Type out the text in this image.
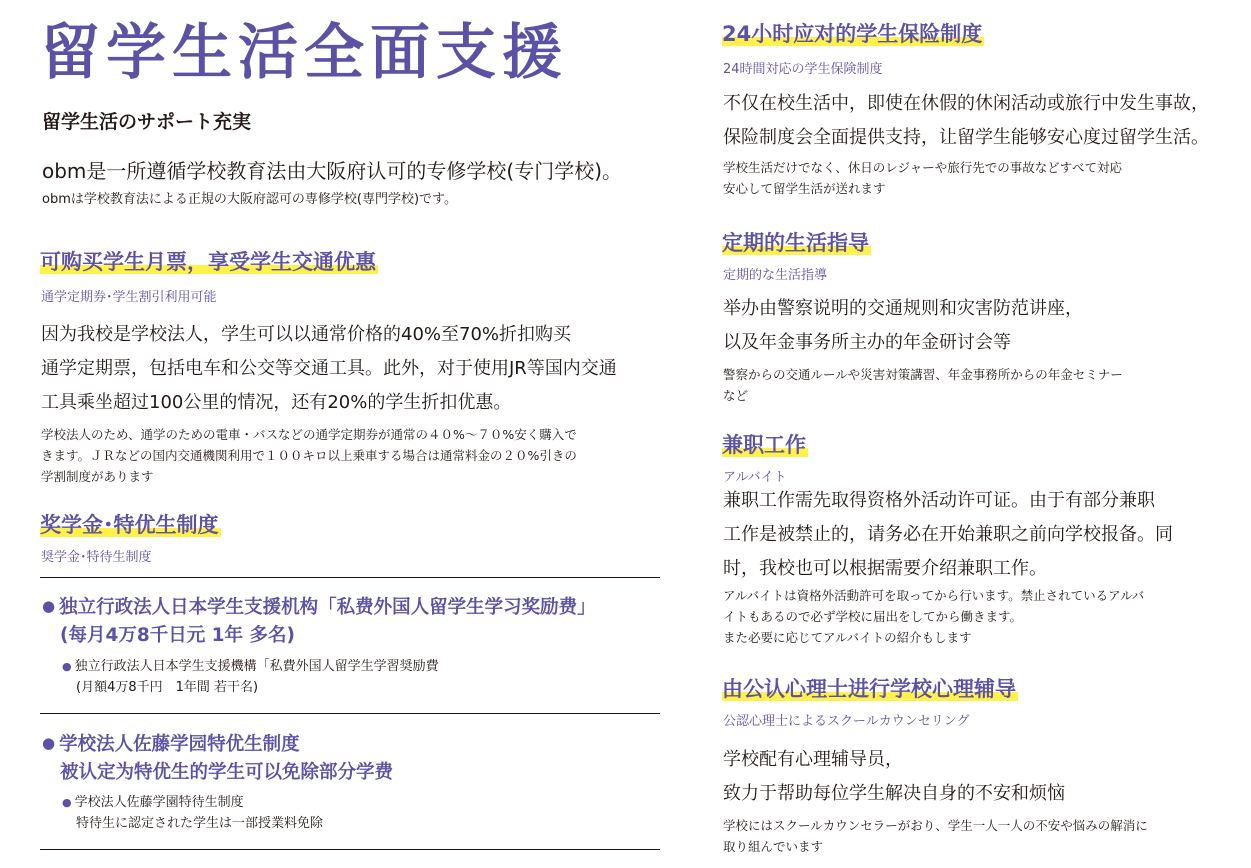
留学生活全面支援
留学生活のサポート充実
obm是一所遵循学校教育法由大阪府认可的专修学校(专门学校)。
obmは学校教育法による正規の大阪府認可の専修学校(専門学校)です。
可购买学生月票，享受学生交通优惠
通学定期券･学生割引利用可能
因为我校是学校法人，学生可以以通常价格的40%至70%折扣购买
通学定期票，包括电车和公交等交通工具。此外，对于使用JR等国内交通
工具乘坐超过100公里的情况，还有20%的学生折扣优惠。
学校法人のため、通学のための電車・バスなどの通学定期券が通常の４０%〜７０%安く購入で
きます。ＪＲなどの国内交通機関利用で１００キロ以上乗車する場合は通常料金の２０%引きの
学割制度があります
奖学金･特优生制度
奨学金･特待生制度
● 独立行政法人日本学生支援机构「私费外国人留学生学习奖励费」
(每月4万8千日元 1年 多名)
● 独立行政法人日本学生支援機構「私費外国人留学生学習奨励費
(月額4万8千円　1年間 若干名)
● 学校法人佐藤学园特优生制度
被认定为特优生的学生可以免除部分学费
● 学校法人佐藤学園特待生制度
特待生に認定された学生は一部授業料免除
24小时应对的学生保险制度
24時間対応の学生保険制度
不仅在校生活中，即使在休假的休闲活动或旅行中发生事故，
保险制度会全面提供支持，让留学生能够安心度过留学生活。
学校生活だけでなく、休日のレジャーや旅行先での事故などすべて対応
安心して留学生活が送れます
定期的生活指导
定期的な生活指導
举办由警察说明的交通规则和灾害防范讲座，
以及年金事务所主办的年金研讨会等
警察からの交通ルールや災害対策講習、年金事務所からの年金セミナー
など
兼职工作
アルバイト
兼职工作需先取得资格外活动许可证。由于有部分兼职
工作是被禁止的，请务必在开始兼职之前向学校报备。同
时，我校也可以根据需要介绍兼职工作。
アルバイトは資格外活動許可を取ってから行います。禁止されているアルバ
イトもあるので必ず学校に届出をしてから働きます。
また必要に応じてアルバイトの紹介もします
由公认心理士进行学校心理辅导
公認心理士によるスクールカウンセリング
学校配有心理辅导员，
致力于帮助每位学生解决自身的不安和烦恼
学校にはスクールカウンセラーがおり、学生一人一人の不安や悩みの解消に
取り組んでいます
